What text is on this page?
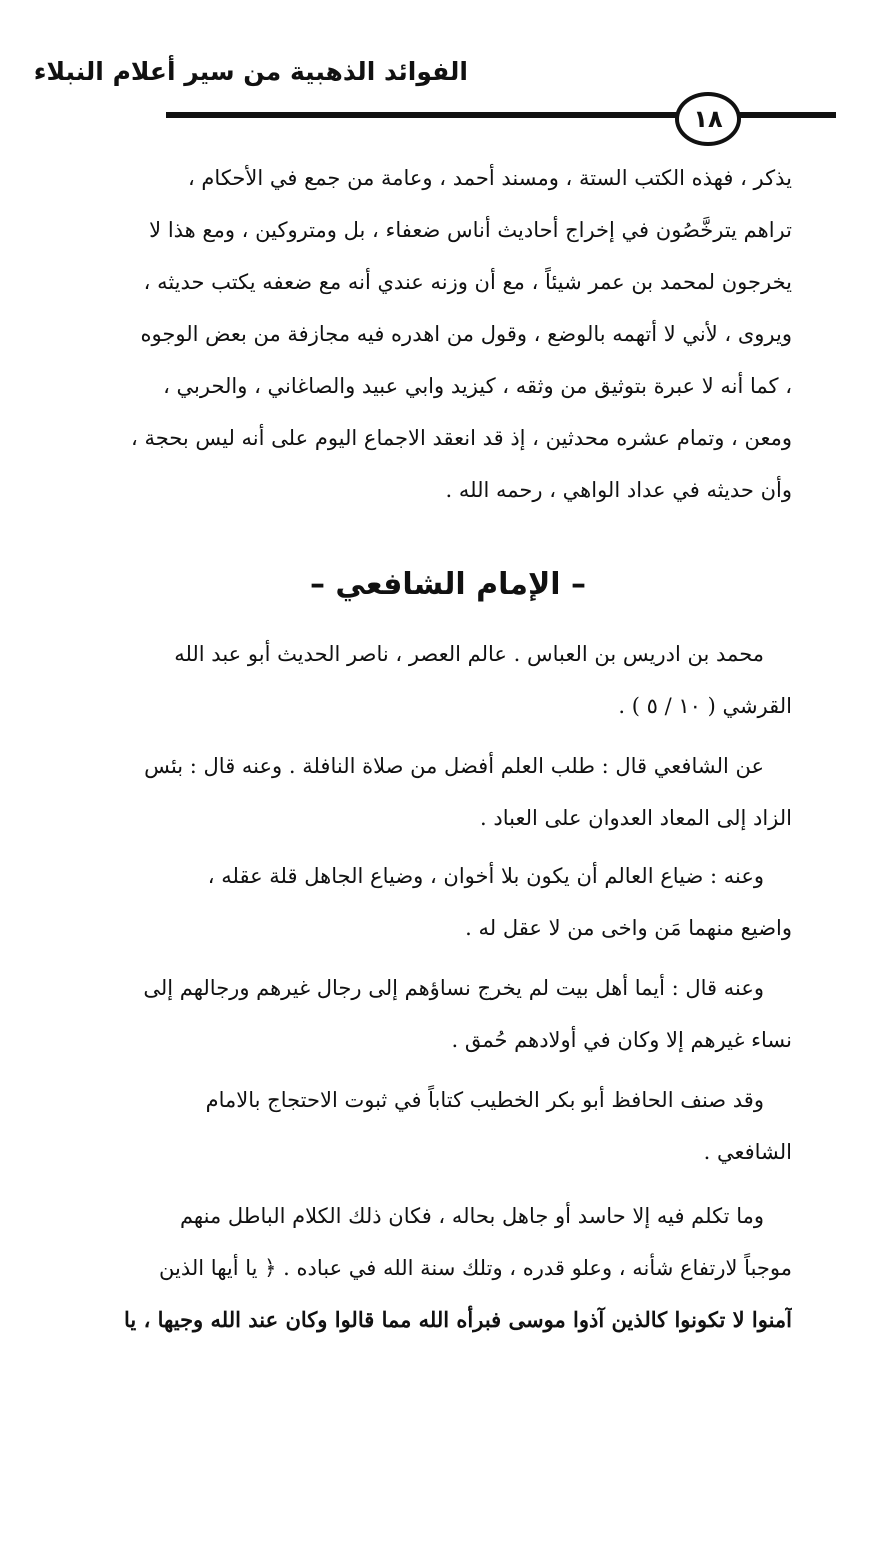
الفوائد الذهبية من سير أعلام النبلاء
١٨
يذكر ، فهذه الكتب الستة ، ومسند أحمد ، وعامة من جمع في الأحكام ،
تراهم يترخَّصُون في إخراج أحاديث أناس ضعفاء ، بل ومتروكين ، ومع هذا لا
يخرجون لمحمد بن عمر شيئاً ، مع أن وزنه عندي أنه مع ضعفه يكتب حديثه ،
ويروى ، لأني لا أتهمه بالوضع ، وقول من اهدره فيه مجازفة من بعض الوجوه
، كما أنه لا عبرة بتوثيق من وثقه ، كيزيد وابي عبيد والصاغاني ، والحربي ،
ومعن ، وتمام عشره محدثين ، إذ قد انعقد الاجماع اليوم على أنه ليس بحجة ،
وأن حديثه في عداد الواهي ، رحمه الله .
– الإمام الشافعي –
محمد بن ادريس بن العباس . عالم العصر ، ناصر الحديث أبو عبد الله
القرشي ( ١٠ / ٥ ) .
عن الشافعي قال : طلب العلم أفضل من صلاة النافلة . وعنه قال : بئس
الزاد إلى المعاد العدوان على العباد .
وعنه : ضياع العالم أن يكون بلا أخوان ، وضياع الجاهل قلة عقله ،
واضيع منهما مَن واخى من لا عقل له .
وعنه قال : أيما أهل بيت لم يخرج نساؤهم إلى رجال غيرهم ورجالهم إلى
نساء غيرهم إلا وكان في أولادهم حُمق .
وقد صنف الحافظ أبو بكر الخطيب كتاباً في ثبوت الاحتجاج بالامام
الشافعي .
وما تكلم فيه إلا حاسد أو جاهل بحاله ، فكان ذلك الكلام الباطل منهم
موجباً لارتفاع شأنه ، وعلو قدره ، وتلك سنة الله في عباده . ﴿ يا أيها الذين
آمنوا لا تكونوا كالذين آذوا موسى فبرأه الله مما قالوا وكان عند الله وجيها ، يا
